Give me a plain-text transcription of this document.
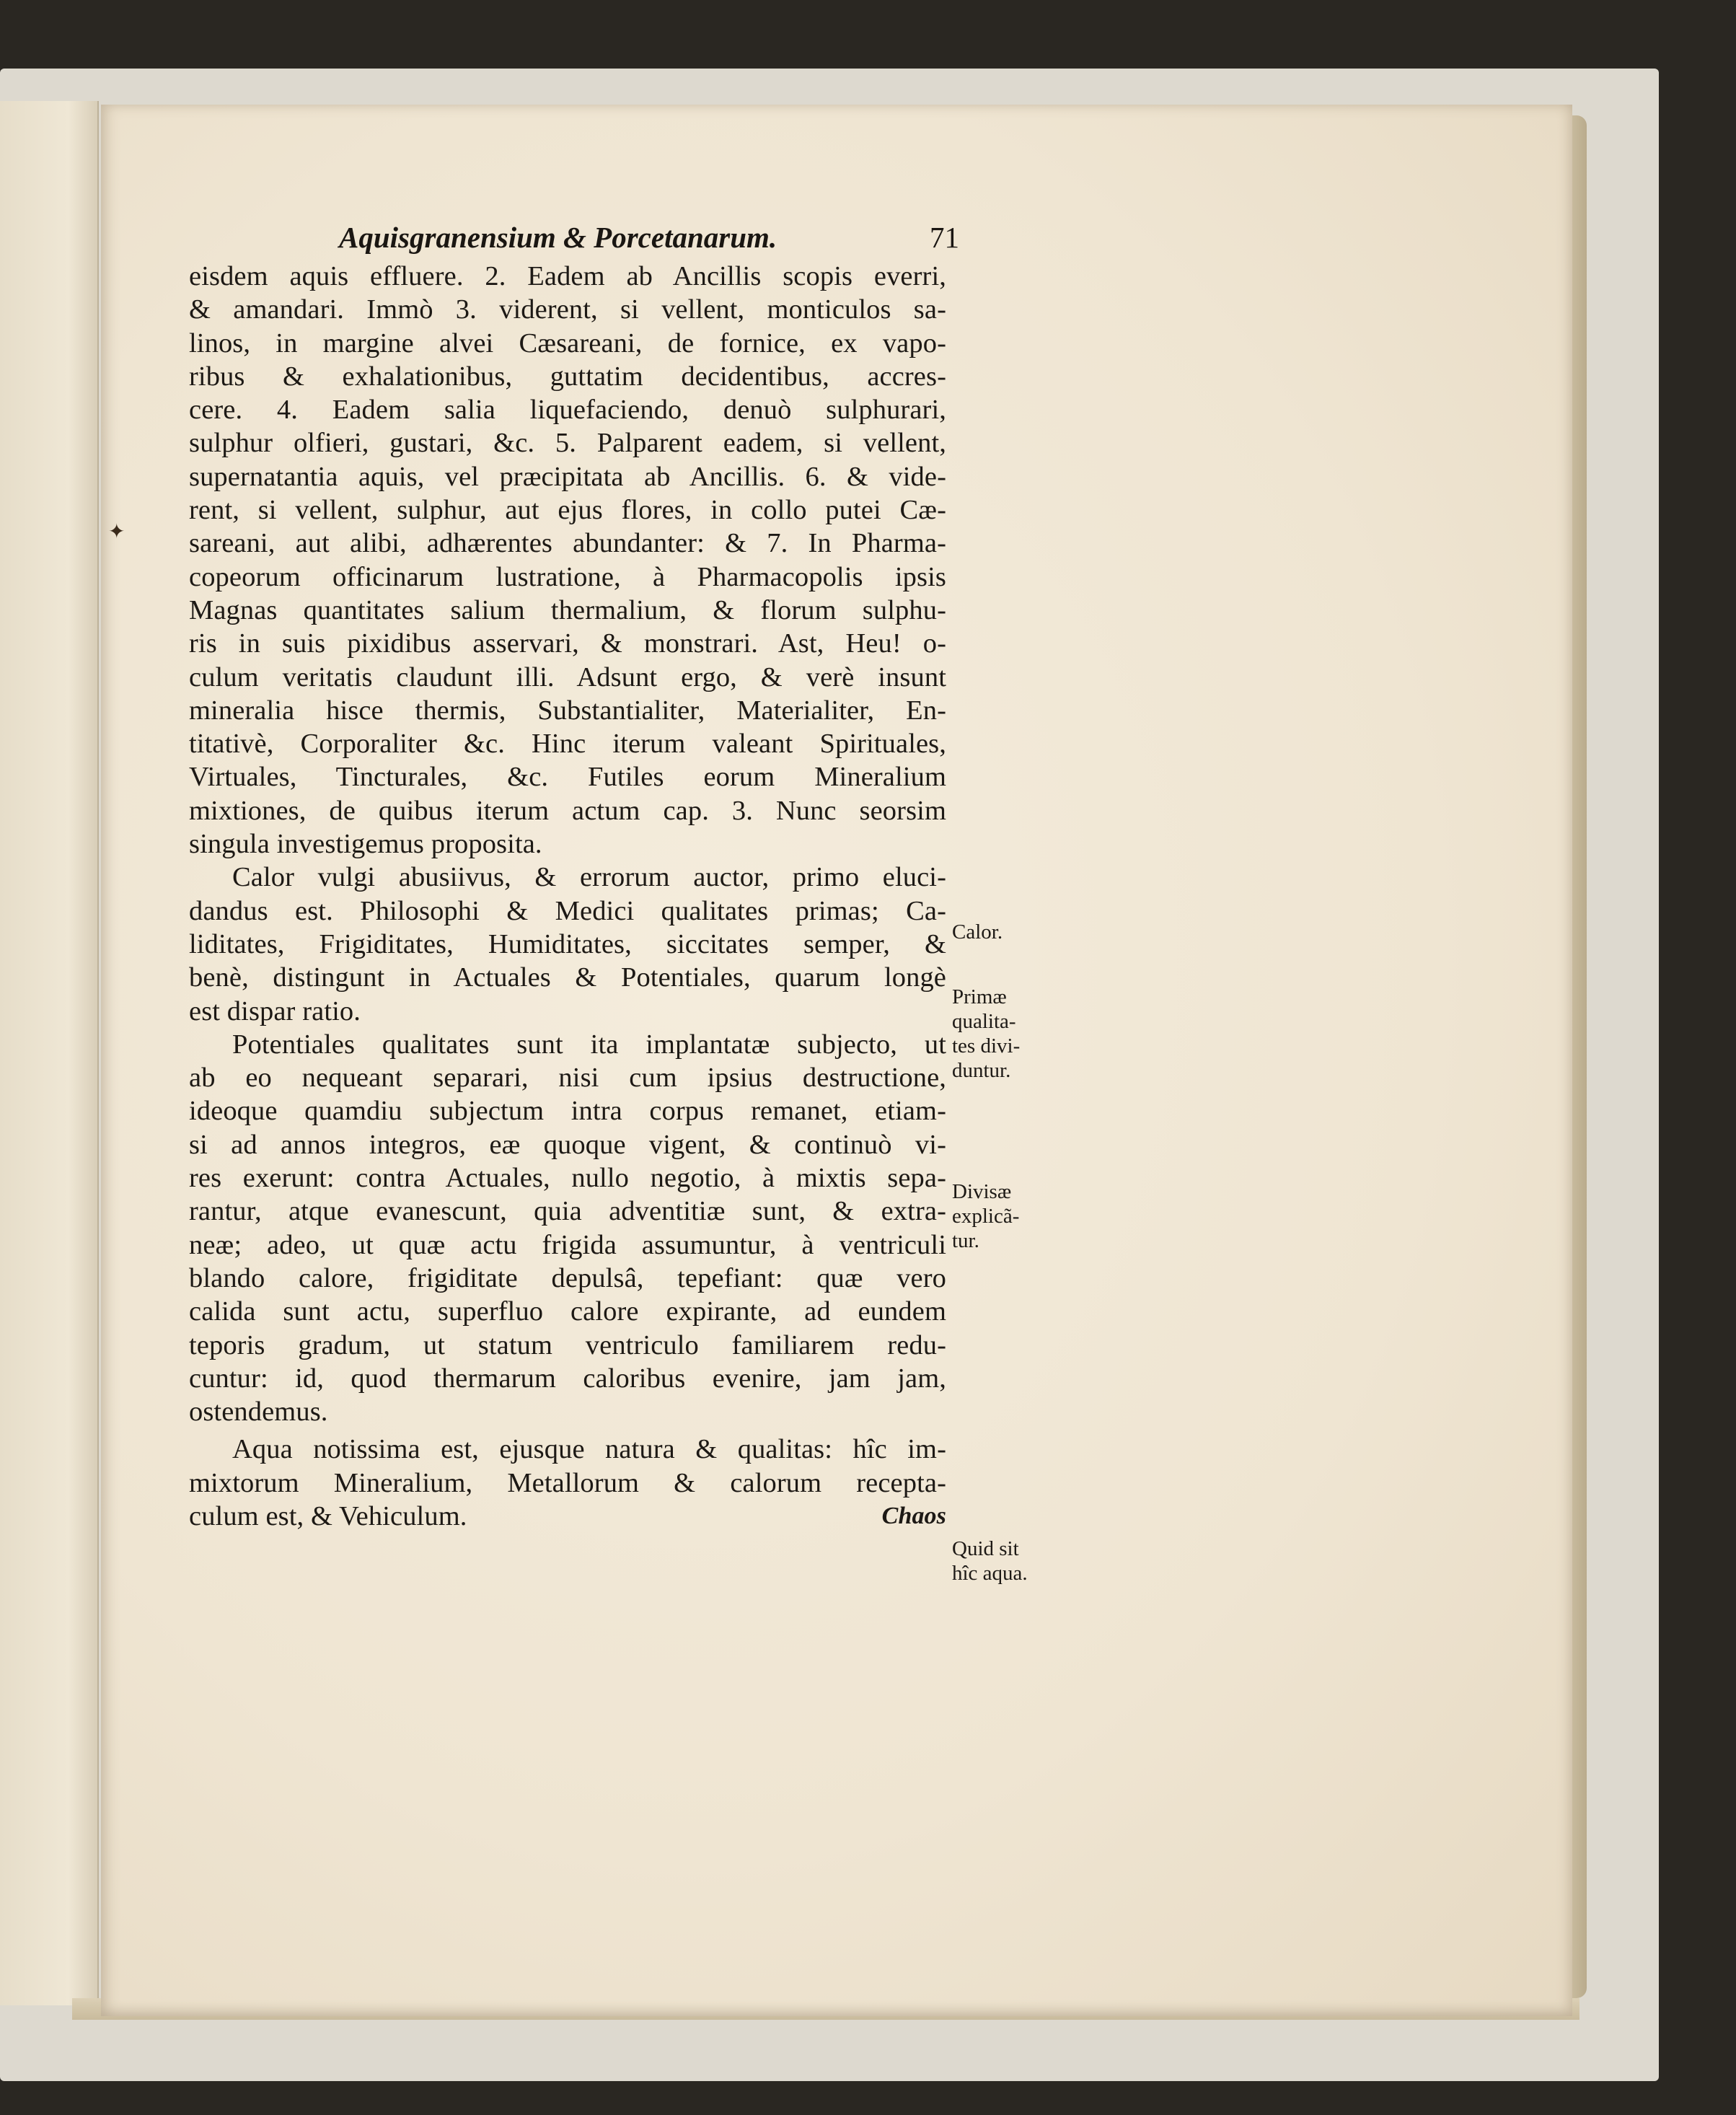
✦
Aquisgranensium & Porcetanarum.	71
eisdem aquis effluere. 2. Eadem ab Ancillis scopis everri,
& amandari. Immò 3. viderent, si vellent, monticulos sa-
linos, in margine alvei Cæsareani, de fornice, ex vapo-
ribus & exhalationibus, guttatim decidentibus, accres-
cere. 4. Eadem salia liquefaciendo, denuò sulphurari,
sulphur olfieri, gustari, &c. 5. Palparent eadem, si vellent,
supernatantia aquis, vel præcipitata ab Ancillis. 6. & vide-
rent, si vellent, sulphur, aut ejus flores, in collo putei Cæ-
sareani, aut alibi, adhærentes abundanter: & 7. In Pharma-
copeorum officinarum lustratione, à Pharmacopolis ipsis
Magnas quantitates salium thermalium, & florum sulphu-
ris in suis pixidibus asservari, & monstrari. Ast, Heu! o-
culum veritatis claudunt illi. Adsunt ergo, & verè insunt
mineralia hisce thermis, Substantialiter, Materialiter, En-
titativè, Corporaliter &c. Hinc iterum valeant Spirituales,
Virtuales, Tincturales, &c. Futiles eorum Mineralium
mixtiones, de quibus iterum actum cap. 3. Nunc seorsim
singula investigemus proposita.
Calor vulgi abusiivus, & errorum auctor, primo eluci-
dandus est. Philosophi & Medici qualitates primas; Ca-
liditates, Frigiditates, Humiditates, siccitates semper, &
benè, distingunt in Actuales & Potentiales, quarum longè
est dispar ratio.
Potentiales qualitates sunt ita implantatæ subjecto, ut
ab eo nequeant separari, nisi cum ipsius destructione,
ideoque quamdiu subjectum intra corpus remanet, etiam-
si ad annos integros, eæ quoque vigent, & continuò vi-
res exerunt: contra Actuales, nullo negotio, à mixtis sepa-
rantur, atque evanescunt, quia adventitiæ sunt, & extra-
neæ; adeo, ut quæ actu frigida assumuntur, à ventriculi
blando calore, frigiditate depulsâ, tepefiant: quæ vero
calida sunt actu, superfluo calore expirante, ad eundem
teporis gradum, ut statum ventriculo familiarem redu-
cuntur: id, quod thermarum caloribus evenire, jam jam,
ostendemus.
Aqua notissima est, ejusque natura & qualitas: hîc im-
mixtorum Mineralium, Metallorum & calorum recepta-
culum est, & Vehiculum.	Chaos
Calor.
Primæ
qualita-
tes divi-
duntur.
Divisæ
explicã-
tur.
Quid sit
hîc aqua.
